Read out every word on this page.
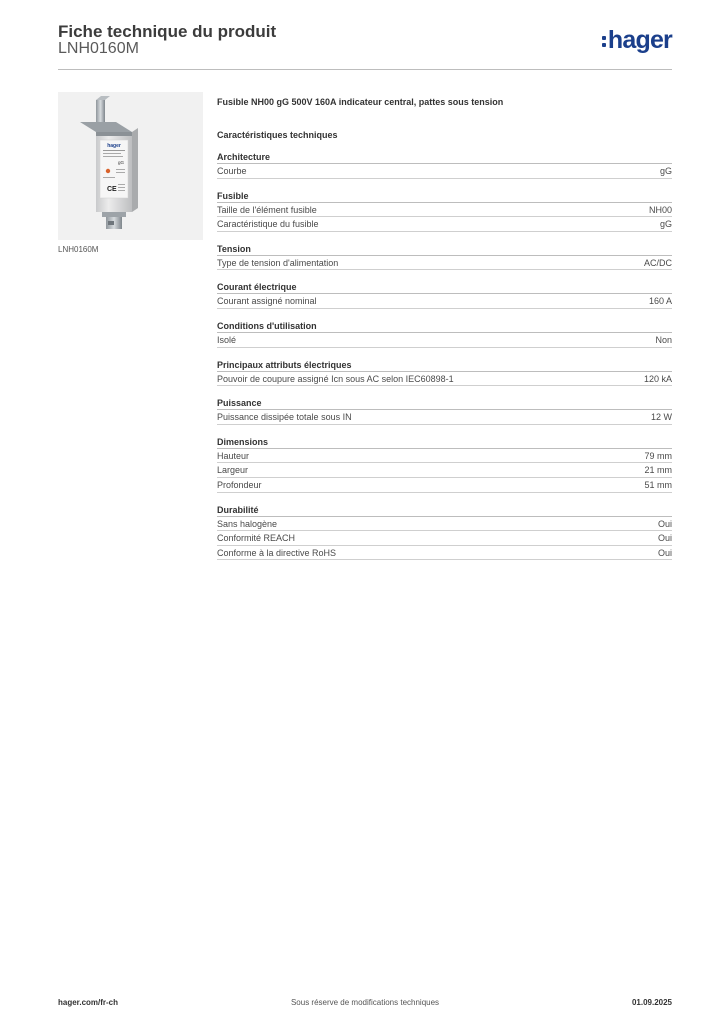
Fiche technique du produit
LNH0160M	hager
hager
gG
CE
LNH0160M
Fusible NH00 gG 500V 160A indicateur central, pattes sous tension
Caractéristiques techniques
Architecture
Courbe	gG
Fusible
Taille de l'élément fusible	NH00
Caractéristique du fusible	gG
Tension
Type de tension d'alimentation	AC/DC
Courant électrique
Courant assigné nominal	160 A
Conditions d'utilisation
Isolé	Non
Principaux attributs électriques
Pouvoir de coupure assigné Icn sous AC selon IEC60898-1	120 kA
Puissance
Puissance dissipée totale sous IN	12 W
Dimensions
Hauteur	79 mm
Largeur	21 mm
Profondeur	51 mm
Durabilité
Sans halogène	Oui
Conformité REACH	Oui
Conforme à la directive RoHS	Oui
hager.com/fr-ch	Sous réserve de modifications techniques	01.09.2025
